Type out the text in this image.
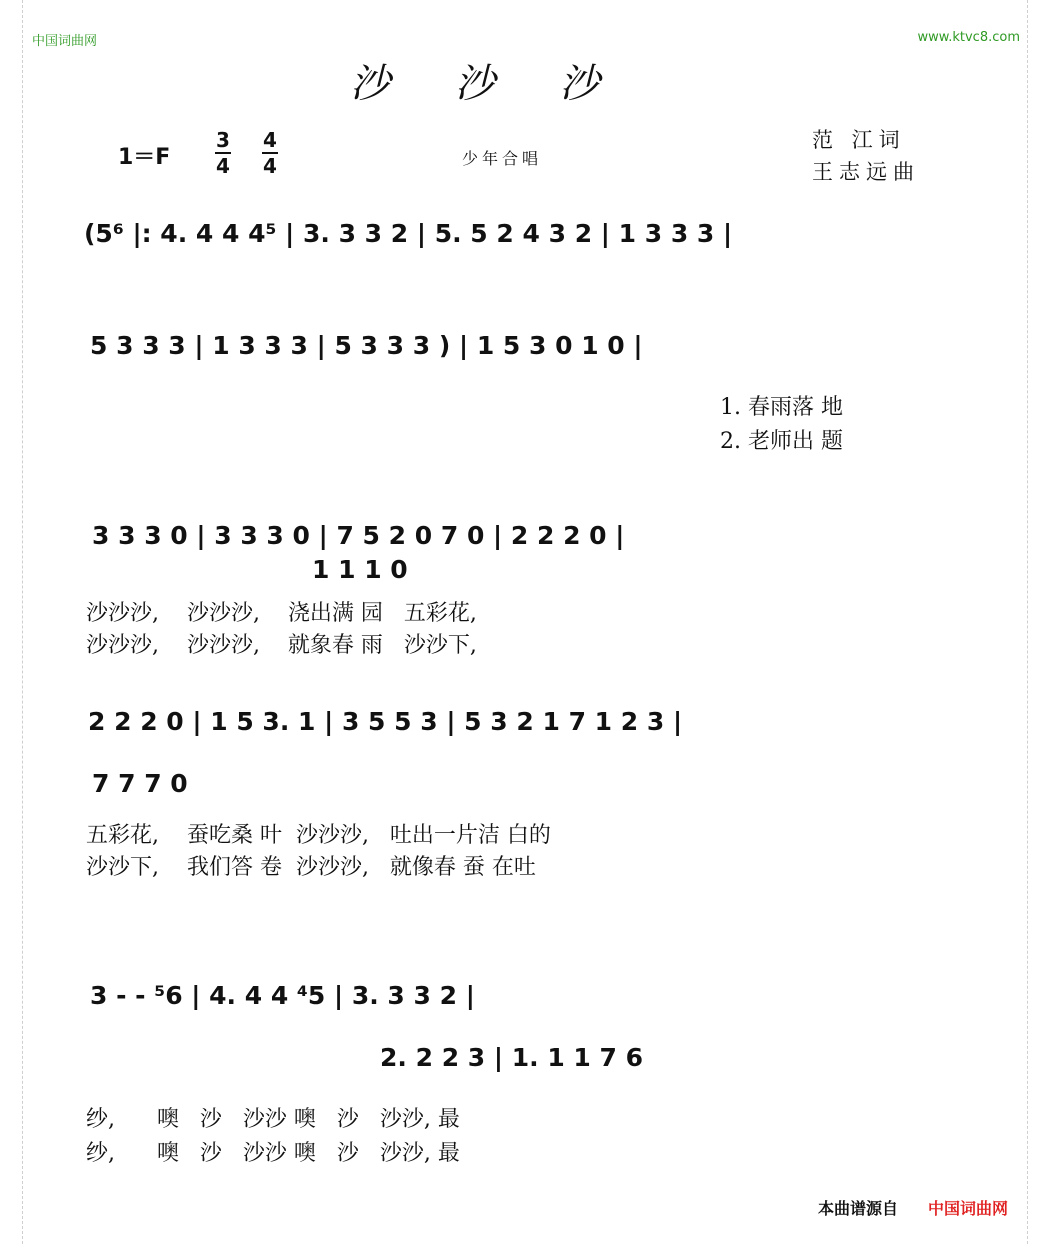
中国词曲网	www.ktvc8.com
沙 沙 沙
1＝F
3
4
4
4	少年合唱
范 江词
王志远曲
(5⁶ |: 4. 4 4 4⁵ | 3. 3 3 2 | 5. 5 2 4 3 2 | 1 3 3 3 |
5 3 3 3 | 1 3 3 3 | 5 3 3 3 ) | 1 5 3 0 1 0 |
1. 春雨落 地
2. 老师出 题
3 3 3 0 | 3 3 3 0 | 7 5 2 0 7 0 | 2 2 2 0 |
1 1 1 0
沙沙沙,    沙沙沙,    浇出满 园   五彩花,
沙沙沙,    沙沙沙,    就象春 雨   沙沙下,
2 2 2 0 | 1 5 3. 1 | 3 5 5 3 | 5 3 2 1 7 1 2 3 |
7 7 7 0
五彩花,    蚕吃桑 叶  沙沙沙,   吐出一片洁 白的
沙沙下,    我们答 卷  沙沙沙,   就像春 蚕 在吐
3 - - ⁵6 | 4. 4 4 ⁴5 | 3. 3 3 2 |
2. 2 2 3 | 1. 1 1 7 6
纱,      噢   沙   沙沙 噢   沙   沙沙, 最
纱,      噢   沙   沙沙 噢   沙   沙沙, 最
本曲谱源自 中国词曲网
